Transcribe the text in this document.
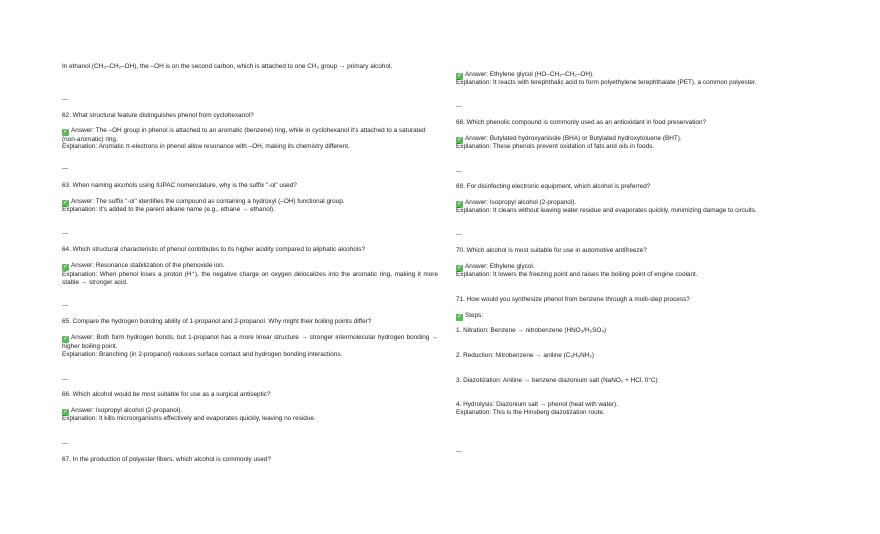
In ethanol (CH₃–CH₂–OH), the –OH is on the second carbon, which is attached to one CH₃ group → primary alcohol.
—
62. What structural feature distinguishes phenol from cyclohexanol?
✓ Answer: The –OH group in phenol is attached to an aromatic (benzene) ring, while in cyclohexanol it's attached to a saturated (non-aromatic) ring.
Explanation: Aromatic π-electrons in phenol allow resonance with –OH, making its chemistry different.
—
63. When naming alcohols using IUPAC nomenclature, why is the suffix "-ol" used?
✓ Answer: The suffix "-ol" identifies the compound as containing a hydroxyl (–OH) functional group.
Explanation: It's added to the parent alkane name (e.g., ethane → ethanol).
—
64. Which structural characteristic of phenol contributes to its higher acidity compared to aliphatic alcohols?
✓ Answer: Resonance stabilization of the phenoxide ion.
Explanation: When phenol loses a proton (H⁺), the negative charge on oxygen delocalizes into the aromatic ring, making it more stable → stronger acid.
—
65. Compare the hydrogen bonding ability of 1-propanol and 2-propanol. Why might their boiling points differ?
✓ Answer: Both form hydrogen bonds, but 1-propanol has a more linear structure → stronger intermolecular hydrogen bonding → higher boiling point.
Explanation: Branching (in 2-propanol) reduces surface contact and hydrogen bonding interactions.
—
66. Which alcohol would be most suitable for use as a surgical antiseptic?
✓ Answer: Isopropyl alcohol (2-propanol).
Explanation: It kills microorganisms effectively and evaporates quickly, leaving no residue.
—
67. In the production of polyester fibers, which alcohol is commonly used?
✓ Answer: Ethylene glycol (HO–CH₂–CH₂–OH).
Explanation: It reacts with terephthalic acid to form polyethylene terephthalate (PET), a common polyester.
—
68. Which phenolic compound is commonly used as an antioxidant in food preservation?
✓ Answer: Butylated hydroxyanisole (BHA) or Butylated hydroxytoluene (BHT).
Explanation: These phenols prevent oxidation of fats and oils in foods.
—
69. For disinfecting electronic equipment, which alcohol is preferred?
✓ Answer: Isopropyl alcohol (2-propanol).
Explanation: It cleans without leaving water residue and evaporates quickly, minimizing damage to circuits.
—
70. Which alcohol is most suitable for use in automotive antifreeze?
✓ Answer: Ethylene glycol.
Explanation: It lowers the freezing point and raises the boiling point of engine coolant.
71. How would you synthesize phenol from benzene through a multi-step process?
✓ Steps:
1. Nitration: Benzene → nitrobenzene (HNO₃/H₂SO₄)
2. Reduction: Nitrobenzene → aniline (C₆H₅NH₂)
3. Diazotization: Aniline → benzene diazonium salt (NaNO₂ + HCl, 0°C)
4. Hydrolysis: Diazonium salt → phenol (heat with water).
Explanation: This is the Hinsberg diazotization route.
—
